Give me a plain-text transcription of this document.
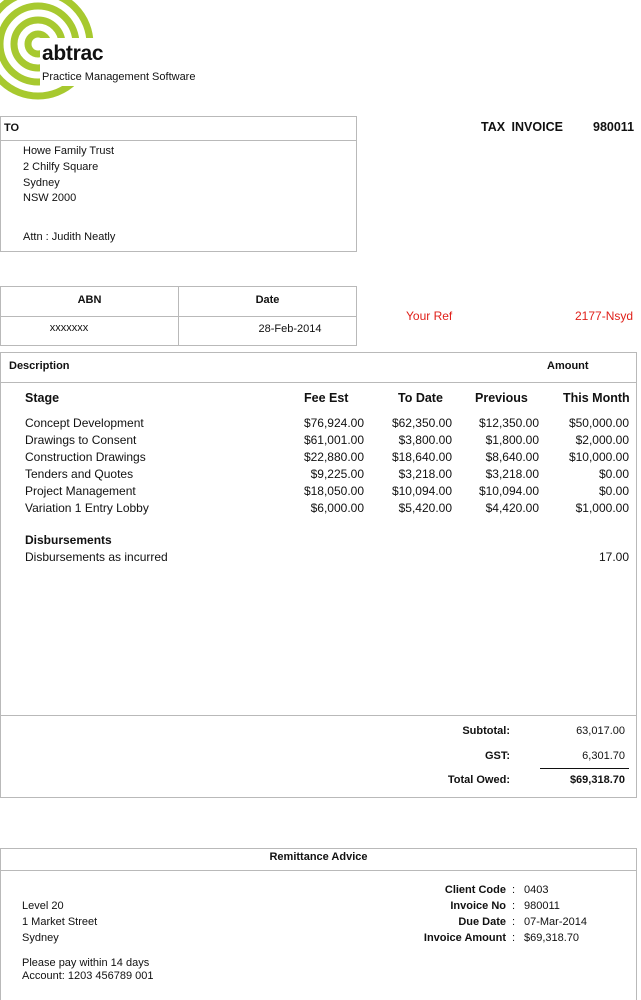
abtrac
Practice Management Software
TO
Howe Family Trust
2 Chilfy Square
Sydney
NSW 2000
Attn : Judith Neatly
TAX INVOICE 980011
ABN	Date
xxxxxxx	28-Feb-2014
Your Ref	2177-Nsyd
Description	Amount
Stage	Fee Est	To Date	Previous	This Month
Concept Development	$76,924.00 $62,350.00 $12,350.00 $50,000.00
Drawings to Consent	$61,001.00	$3,800.00	$1,800.00	$2,000.00
Construction Drawings	$22,880.00 $18,640.00	$8,640.00 $10,000.00
Tenders and Quotes	$9,225.00	$3,218.00	$3,218.00	$0.00
Project Management	$18,050.00 $10,094.00 $10,094.00	$0.00
Variation 1 Entry Lobby	$6,000.00	$5,420.00	$4,420.00	$1,000.00
Disbursements
Disbursements as incurred	17.00
Subtotal:	63,017.00
GST:	6,301.70
Total Owed:	$69,318.70
Remittance Advice
Level 20
1 Market Street
Sydney
Please pay within 14 days
Account: 1203 456789 001
Client Code : 0403
Invoice No : 980011
Due Date : 07-Mar-2014
Invoice Amount : $69,318.70
